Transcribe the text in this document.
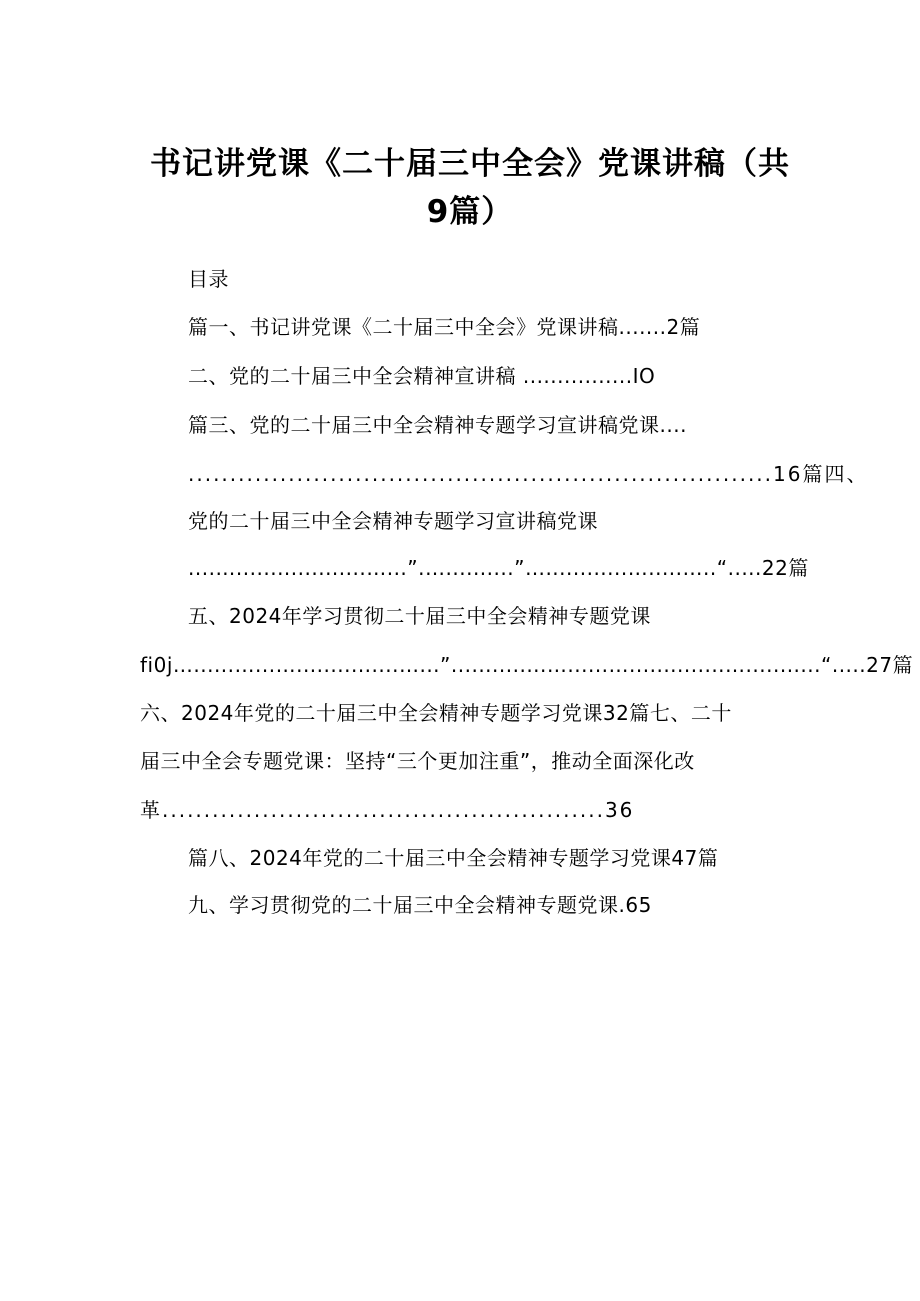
书记讲党课《二十届三中全会》党课讲稿（共
9篇）
目录
篇一、书记讲党课《二十届三中全会》党课讲稿.......2篇
二、党的二十届三中全会精神宣讲稿 ................IO
篇三、党的二十届三中全会精神专题学习宣讲稿党课....
......................................................................16篇四、
党的二十届三中全会精神专题学习宣讲稿党课
....…...................…...”.…..........”…............….....…..“.....22篇
五、2024年学习贯彻二十届三中全会精神专题党课
fi0j…......…...…...............…...”..............…......…..............…...........“.....27篇
六、2024年党的二十届三中全会精神专题学习党课32篇七、二十
届三中全会专题党课：坚持“三个更加注重”，推动全面深化改
革.....................................................36
篇八、2024年党的二十届三中全会精神专题学习党课47篇
九、学习贯彻党的二十届三中全会精神专题党课.65
